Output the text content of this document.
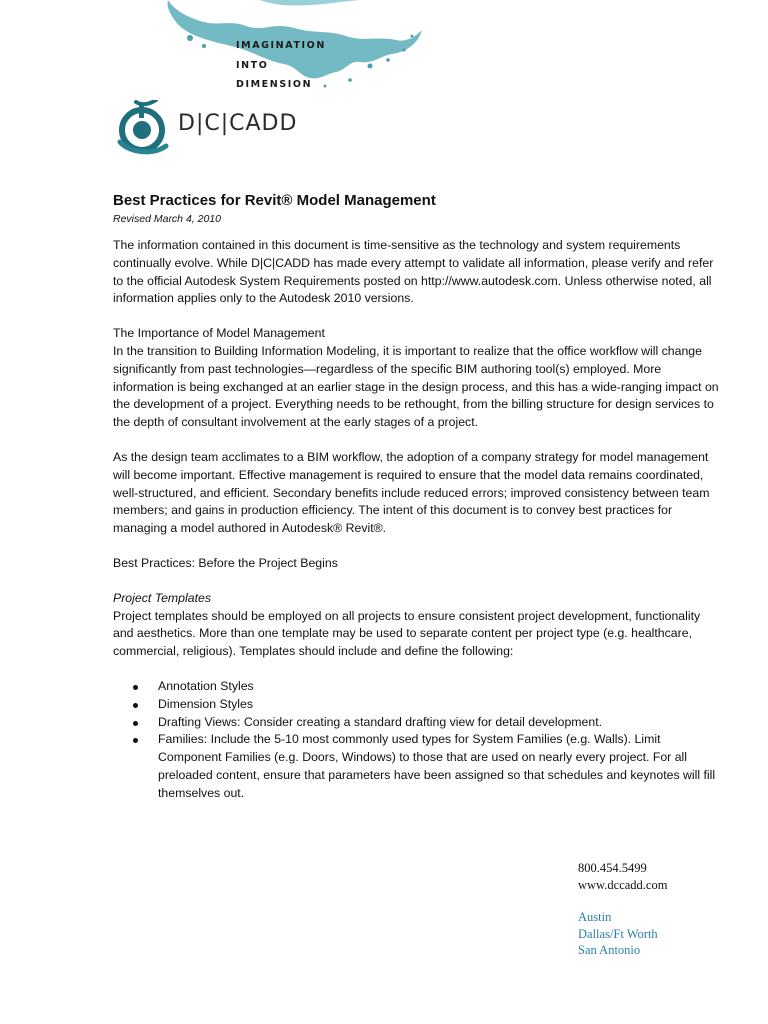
IMAGINATION
INTO
DIMENSION
D|C|CADD
Best Practices for Revit® Model Management
Revised March 4, 2010

The information contained in this document is time-sensitive as the technology and system requirements continually evolve. While D|C|CADD has made every attempt to validate all information, please verify and refer to the official Autodesk System Requirements posted on http://www.autodesk.com. Unless otherwise noted, all information applies only to the Autodesk 2010 versions.

The Importance of Model Management

In the transition to Building Information Modeling, it is important to realize that the office workflow will change significantly from past technologies—regardless of the specific BIM authoring tool(s) employed. More information is being exchanged at an earlier stage in the design process, and this has a wide-ranging impact on the development of a project. Everything needs to be rethought, from the billing structure for design services to the depth of consultant involvement at the early stages of a project.

As the design team acclimates to a BIM workflow, the adoption of a company strategy for model management will become important. Effective management is required to ensure that the model data remains coordinated, well-structured, and efficient. Secondary benefits include reduced errors; improved consistency between team members; and gains in production efficiency. The intent of this document is to convey best practices for managing a model authored in Autodesk® Revit®.

Best Practices: Before the Project Begins

Project Templates

Project templates should be employed on all projects to ensure consistent project development, functionality and aesthetics. More than one template may be used to separate content per project type (e.g. healthcare, commercial, religious). Templates should include and define the following:

Annotation Styles
Dimension Styles
Drafting Views: Consider creating a standard drafting view for detail development.
Families: Include the 5-10 most commonly used types for System Families (e.g. Walls). Limit Component Families (e.g. Doors, Windows) to those that are used on nearly every project. For all preloaded content, ensure that parameters have been assigned so that schedules and keynotes will fill themselves out.
800.454.5499
www.dccadd.com
Austin
Dallas/Ft Worth
San Antonio
